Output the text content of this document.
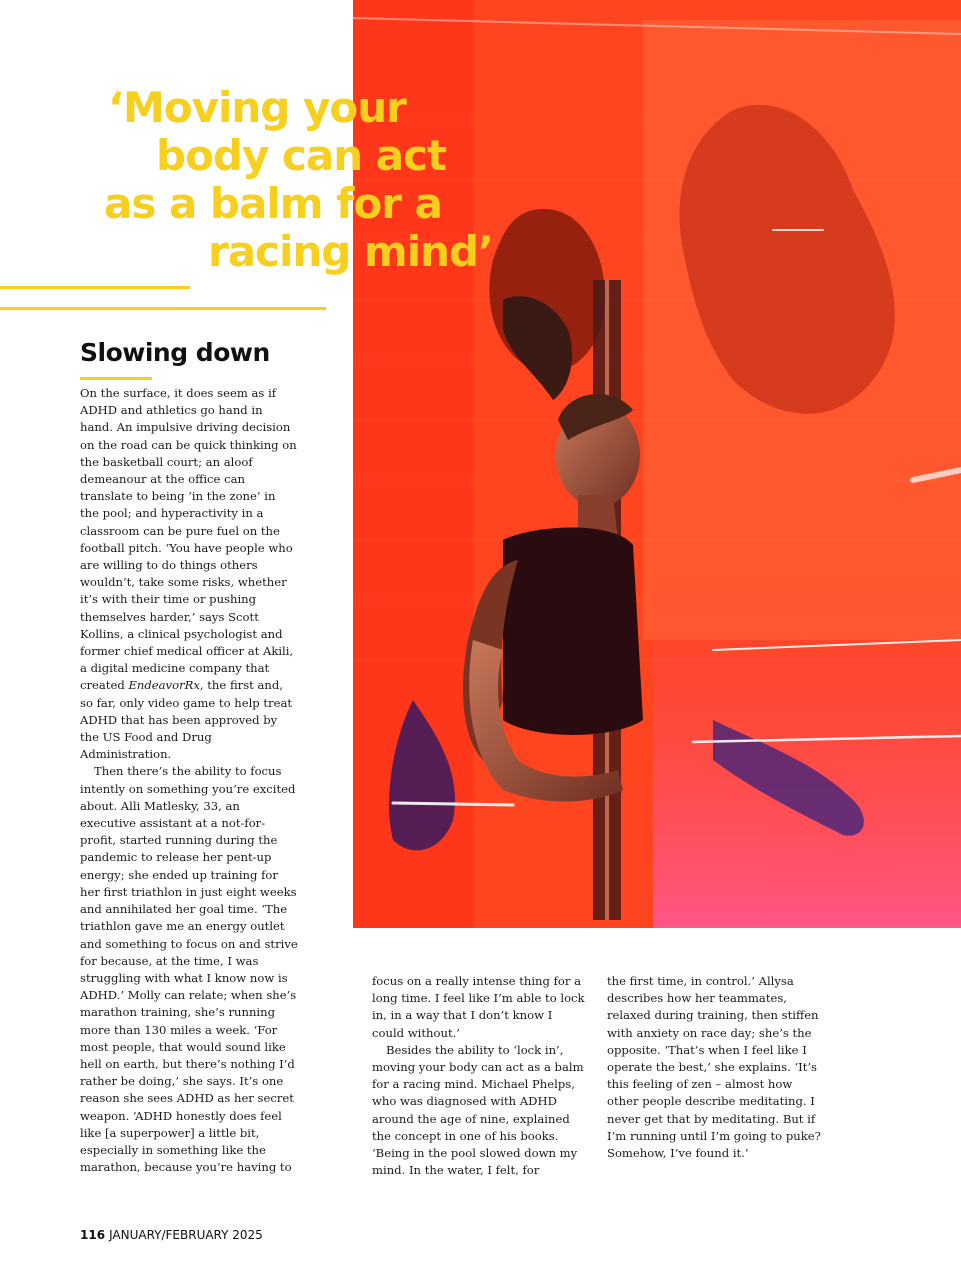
‘Moving your
body can act
as a balm for a
racing mind’
Slowing down

On the surface, it does seem as if ADHD and athletics go hand in hand. An impulsive driving decision on the road can be quick thinking on the basketball court; an aloof demeanour at the office can translate to being ‘in the zone’ in the pool; and hyperactivity in a classroom can be pure fuel on the football pitch. ‘You have people who are willing to do things others wouldn’t, take some risks, whether it’s with their time or pushing themselves harder,’ says Scott Kollins, a clinical psychologist and former chief medical officer at Akili, a digital medicine company that created EndeavorRx, the first and, so far, only video game to help treat ADHD that has been approved by the US Food and Drug Administration.

Then there’s the ability to focus intently on something you’re excited about. Alli Matlesky, 33, an executive assistant at a not-for-profit, started running during the pandemic to release her pent-up energy; she ended up training for her first triathlon in just eight weeks and annihilated her goal time. ‘The triathlon gave me an energy outlet and something to focus on and strive for because, at the time, I was struggling with what I know now is ADHD.’ Molly can relate; when she’s marathon training, she’s running more than 130 miles a week. ‘For most people, that would sound like hell on earth, but there’s nothing I’d rather be doing,’ she says. It’s one reason she sees ADHD as her secret weapon. ‘ADHD honestly does feel like [a superpower] a little bit, especially in something like the marathon, because you’re having to

focus on a really intense thing for a long time. I feel like I’m able to lock in, in a way that I don’t know I could without.’

Besides the ability to ‘lock in’, moving your body can act as a balm for a racing mind. Michael Phelps, who was diagnosed with ADHD around the age of nine, explained the concept in one of his books. ‘Being in the pool slowed down my mind. In the water, I felt, for

the first time, in control.’ Allysa describes how her teammates, relaxed during training, then stiffen with anxiety on race day; she’s the opposite. ‘That’s when I feel like I operate the best,’ she explains. ‘It’s this feeling of zen – almost how other people describe meditating. I never get that by meditating. But if I’m running until I’m going to puke? Somehow, I’ve found it.’

116 JANUARY/FEBRUARY 2025
